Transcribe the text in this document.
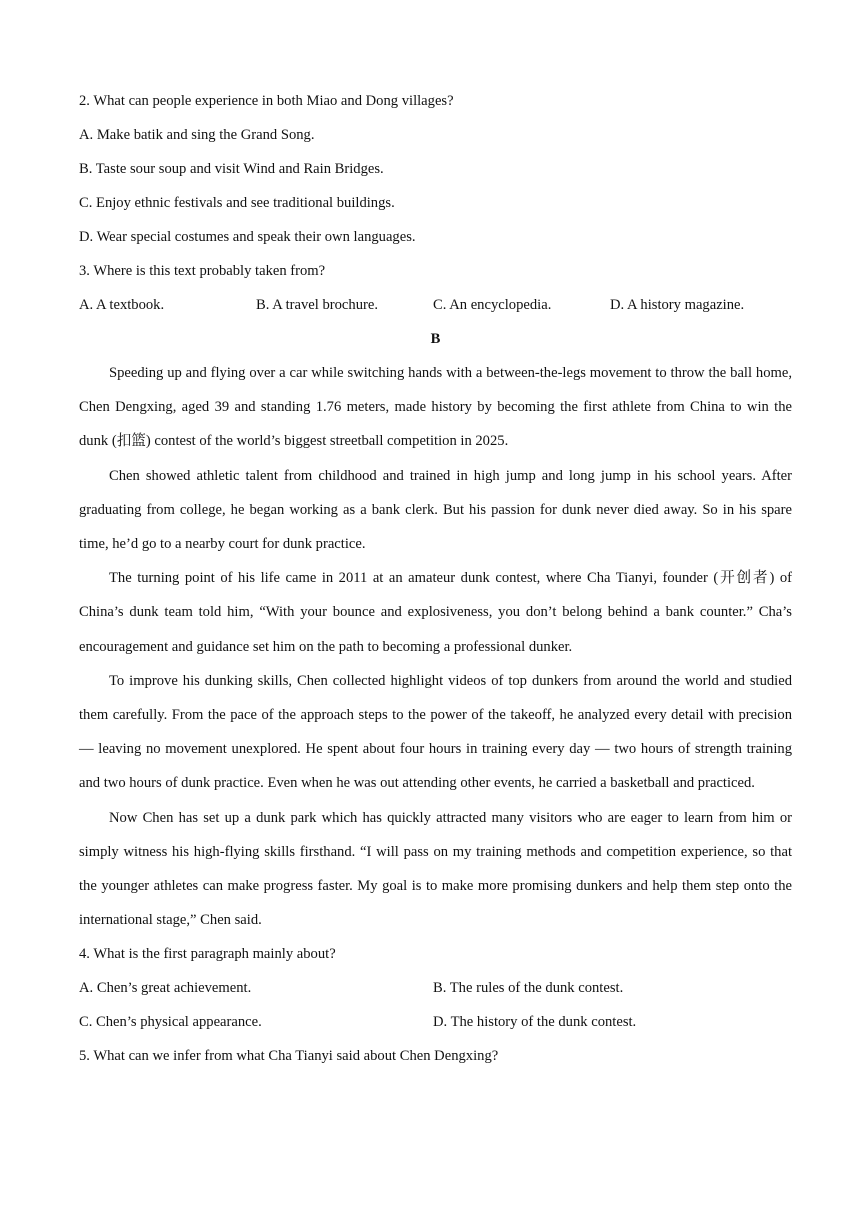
2. What can people experience in both Miao and Dong villages?

A. Make batik and sing the Grand Song.

B. Taste sour soup and visit Wind and Rain Bridges.

C. Enjoy ethnic festivals and see traditional buildings.

D. Wear special costumes and speak their own languages.

3. Where is this text probably taken from?

A. A textbook.	B. A travel brochure.	C. An encyclopedia.	D. A history magazine.

B

Speeding up and flying over a car while switching hands with a between-the-legs movement to throw the ball home, Chen Dengxing, aged 39 and standing 1.76 meters, made history by becoming the first athlete from China to win the dunk (扣篮) contest of the world’s biggest streetball competition in 2025.

Chen showed athletic talent from childhood and trained in high jump and long jump in his school years. After graduating from college, he began working as a bank clerk. But his passion for dunk never died away. So in his spare time, he’d go to a nearby court for dunk practice.

The turning point of his life came in 2011 at an amateur dunk contest, where Cha Tianyi, founder (开创者) of China’s dunk team told him, “With your bounce and explosiveness, you don’t belong behind a bank counter.” Cha’s encouragement and guidance set him on the path to becoming a professional dunker.

To improve his dunking skills, Chen collected highlight videos of top dunkers from around the world and studied them carefully. From the pace of the approach steps to the power of the takeoff, he analyzed every detail with precision — leaving no movement unexplored. He spent about four hours in training every day — two hours of strength training and two hours of dunk practice. Even when he was out attending other events, he carried a basketball and practiced.

Now Chen has set up a dunk park which has quickly attracted many visitors who are eager to learn from him or simply witness his high-flying skills firsthand. “I will pass on my training methods and competition experience, so that the younger athletes can make progress faster. My goal is to make more promising dunkers and help them step onto the international stage,” Chen said.

4. What is the first paragraph mainly about?

A. Chen’s great achievement.	B. The rules of the dunk contest.
C. Chen’s physical appearance.	D. The history of the dunk contest.

5. What can we infer from what Cha Tianyi said about Chen Dengxing?
